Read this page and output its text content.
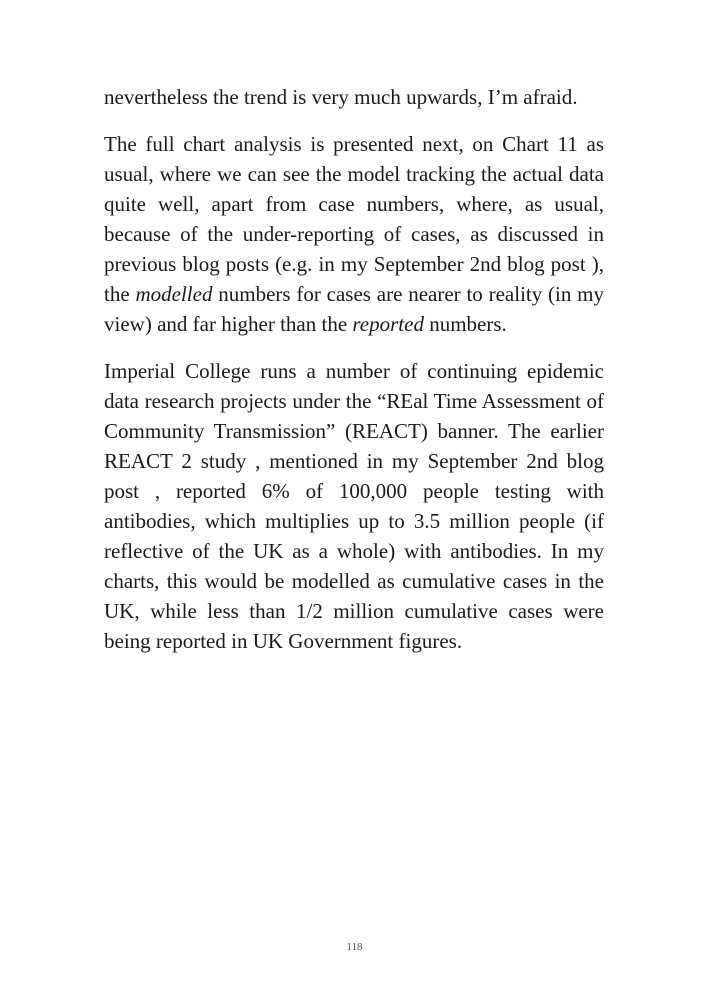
nevertheless the trend is very much upwards, I’m afraid.

The full chart analysis is presented next, on Chart 11 as usual, where we can see the model tracking the actual data quite well, apart from case numbers, where, as usual, because of the under-reporting of cases, as discussed in previous blog posts (e.g. in my September 2nd blog post ), the modelled numbers for cases are nearer to reality (in my view) and far higher than the reported numbers.

Imperial College runs a number of continuing epidemic data research projects under the “REal Time Assessment of Community Transmission” (REACT) banner. The earlier REACT 2 study , mentioned in my September 2nd blog post , reported 6% of 100,000 people testing with antibodies, which multiplies up to 3.5 million people (if reflective of the UK as a whole) with antibodies. In my charts, this would be modelled as cumulative cases in the UK, while less than 1/2 million cumulative cases were being reported in UK Government figures.

118
